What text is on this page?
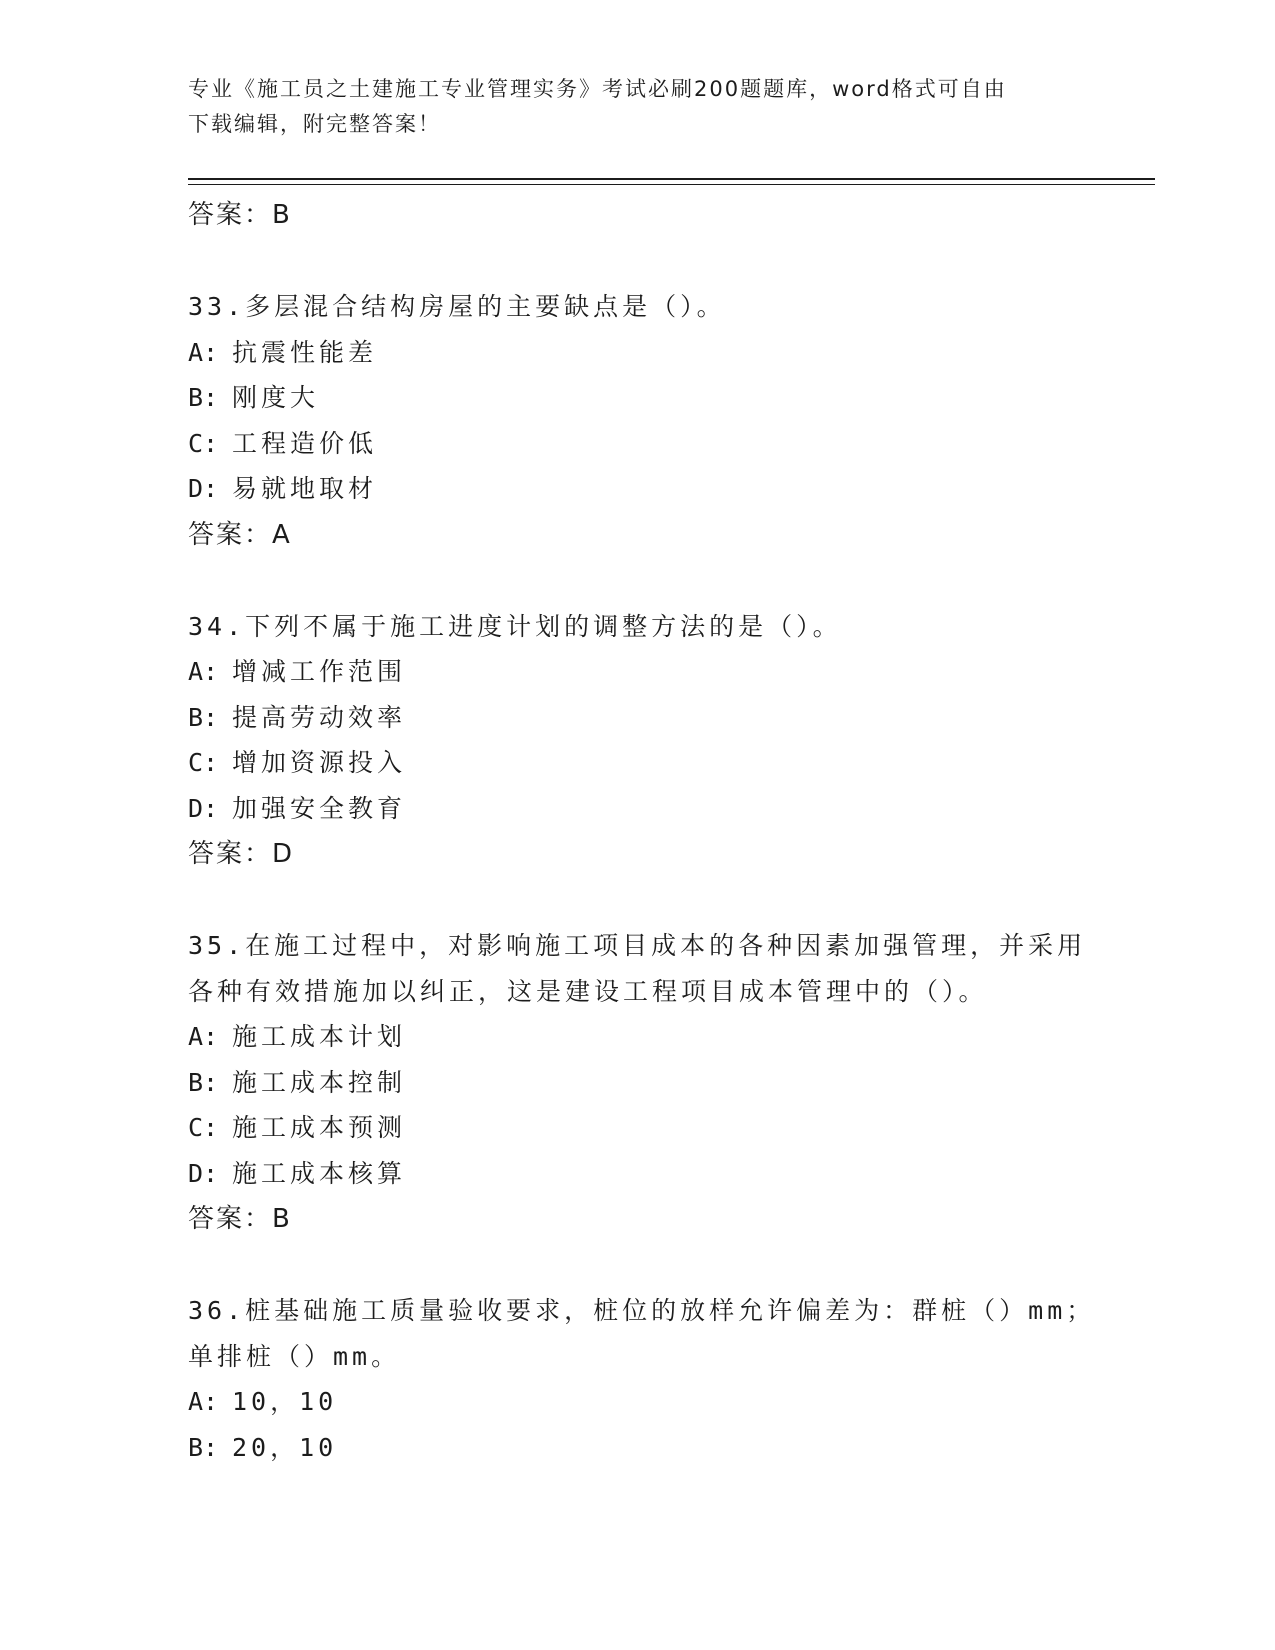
专业《施工员之土建施工专业管理实务》考试必刷200题题库，word格式可自由
下载编辑，附完整答案！
答案：B
33.多层混合结构房屋的主要缺点是（）。
A: 抗震性能差
B: 刚度大
C: 工程造价低
D: 易就地取材
答案：A
34.下列不属于施工进度计划的调整方法的是（）。
A: 增减工作范围
B: 提高劳动效率
C: 增加资源投入
D: 加强安全教育
答案：D
35.在施工过程中，对影响施工项目成本的各种因素加强管理，并采用
各种有效措施加以纠正，这是建设工程项目成本管理中的（）。
A: 施工成本计划
B: 施工成本控制
C: 施工成本预测
D: 施工成本核算
答案：B
36.桩基础施工质量验收要求，桩位的放样允许偏差为：群桩（）mm；
单排桩（）mm。
A: 10，10
B: 20，10
